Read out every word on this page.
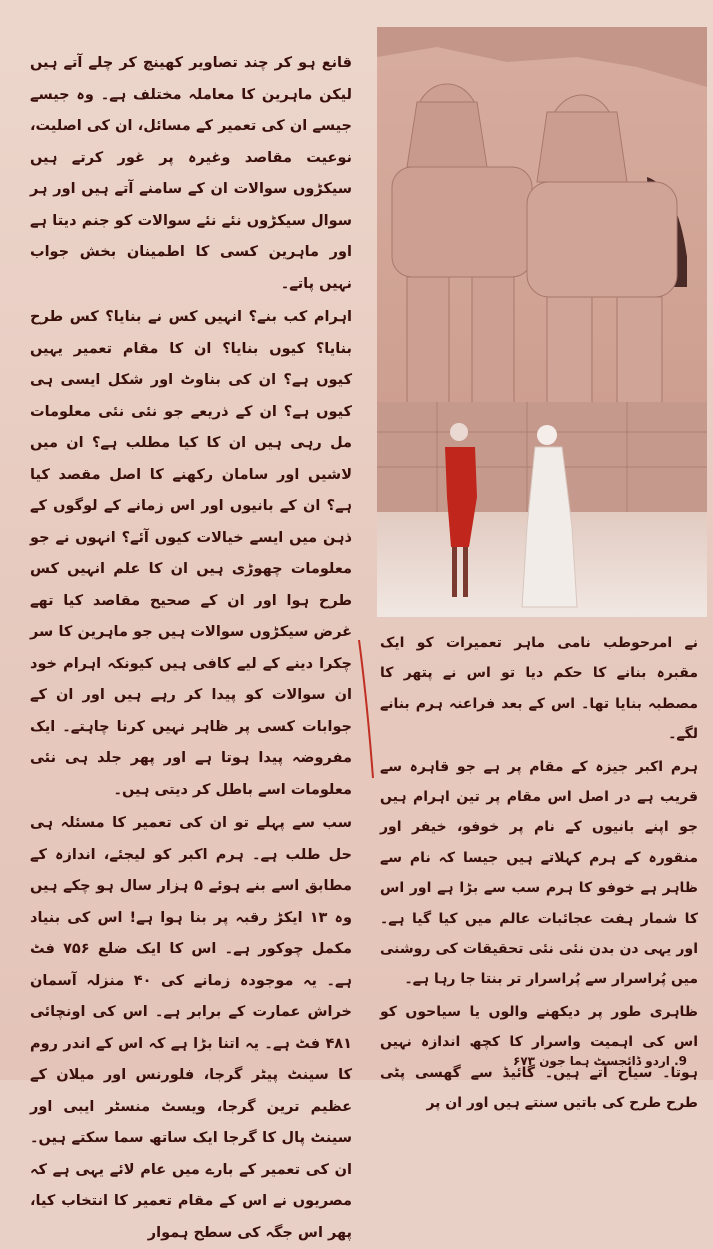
قانع ہو کر چند تصاویر کھینچ کر چلے آتے ہیں لیکن ماہرین کا معاملہ مختلف ہے۔ وہ جیسے جیسے ان کی تعمیر کے مسائل، ان کی اصلیت، نوعیت مقاصد وغیرہ پر غور کرتے ہیں سیکڑوں سوالات ان کے سامنے آتے ہیں اور ہر سوال سیکڑوں نئے نئے سوالات کو جنم دیتا ہے اور ماہرین کسی کا اطمینان بخش جواب نہیں پاتے۔

اہرام کب بنے؟ انہیں کس نے بنایا؟ کس طرح بنایا؟ کیوں بنایا؟ ان کا مقام تعمیر یہیں کیوں ہے؟ ان کی بناوٹ اور شکل ایسی ہی کیوں ہے؟ ان کے ذریعے جو نئی نئی معلومات مل رہی ہیں ان کا کیا مطلب ہے؟ ان میں لاشیں اور سامان رکھنے کا اصل مقصد کیا ہے؟ ان کے بانیوں اور اس زمانے کے لوگوں کے ذہن میں ایسے خیالات کیوں آئے؟ انہوں نے جو معلومات چھوڑی ہیں ان کا علم انہیں کس طرح ہوا اور ان کے صحیح مقاصد کیا تھے غرض سیکڑوں سوالات ہیں جو ماہرین کا سر چکرا دینے کے لیے کافی ہیں کیونکہ اہرام خود ان سوالات کو پیدا کر رہے ہیں اور ان کے جوابات کسی پر ظاہر نہیں کرنا چاہتے۔ ایک مفروضہ پیدا ہوتا ہے اور پھر جلد ہی نئی معلومات اسے باطل کر دیتی ہیں۔

سب سے پہلے تو ان کی تعمیر کا مسئلہ ہی حل طلب ہے۔ ہرم اکبر کو لیجئے، اندازہ کے مطابق اسے بنے ہوئے ۵ ہزار سال ہو چکے ہیں وہ ۱۳ ایکڑ رقبہ پر بنا ہوا ہے! اس کی بنیاد مکمل چوکور ہے۔ اس کا ایک ضلع ۷۵۶ فٹ ہے۔ یہ موجودہ زمانے کی ۴۰ منزلہ آسمان خراش عمارت کے برابر ہے۔ اس کی اونچائی ۴۸۱ فٹ ہے۔ یہ اتنا بڑا ہے کہ اس کے اندر روم کا سینٹ پیٹر گرجا، فلورنس اور میلان کے عظیم ترین گرجا، ویسٹ منسٹر ایبی اور سینٹ پال کا گرجا ایک ساتھ سما سکتے ہیں۔ ان کی تعمیر کے بارے میں عام لائے یہی ہے کہ مصریوں نے اس کے مقام تعمیر کا انتخاب کیا، پھر اس جگہ کی سطح ہموار

نے امرحوطب نامی ماہر تعمیرات کو ایک مقبرہ بنانے کا حکم دیا تو اس نے پتھر کا مصطبہ بنایا تھا۔ اس کے بعد فراعنہ ہرم بنانے لگے۔

ہرم اکبر جیزہ کے مقام پر ہے جو قاہرہ سے قریب ہے در اصل اس مقام پر تین اہرام ہیں جو اپنے بانیوں کے نام پر خوفو، خیفر اور منقورہ کے ہرم کہلاتے ہیں جیسا کہ نام سے ظاہر ہے خوفو کا ہرم سب سے بڑا ہے اور اس کا شمار ہفت عجائبات عالم میں کیا گیا ہے۔ اور یہی دن بدن نئی نئی تحقیقات کی روشنی میں پُراسرار سے پُراسرار تر بنتا جا رہا ہے۔

ظاہری طور پر دیکھنے والوں یا سیاحوں کو اس کی اہمیت واسرار کا کچھ اندازہ نہیں ہوتا۔ سیاح آتے ہیں۔ گائیڈ سے گھسی پٹی طرح طرح کی باتیں سنتے ہیں اور ان پر

9. اردو ڈائجسٹ ہما جون ۶۷۳
